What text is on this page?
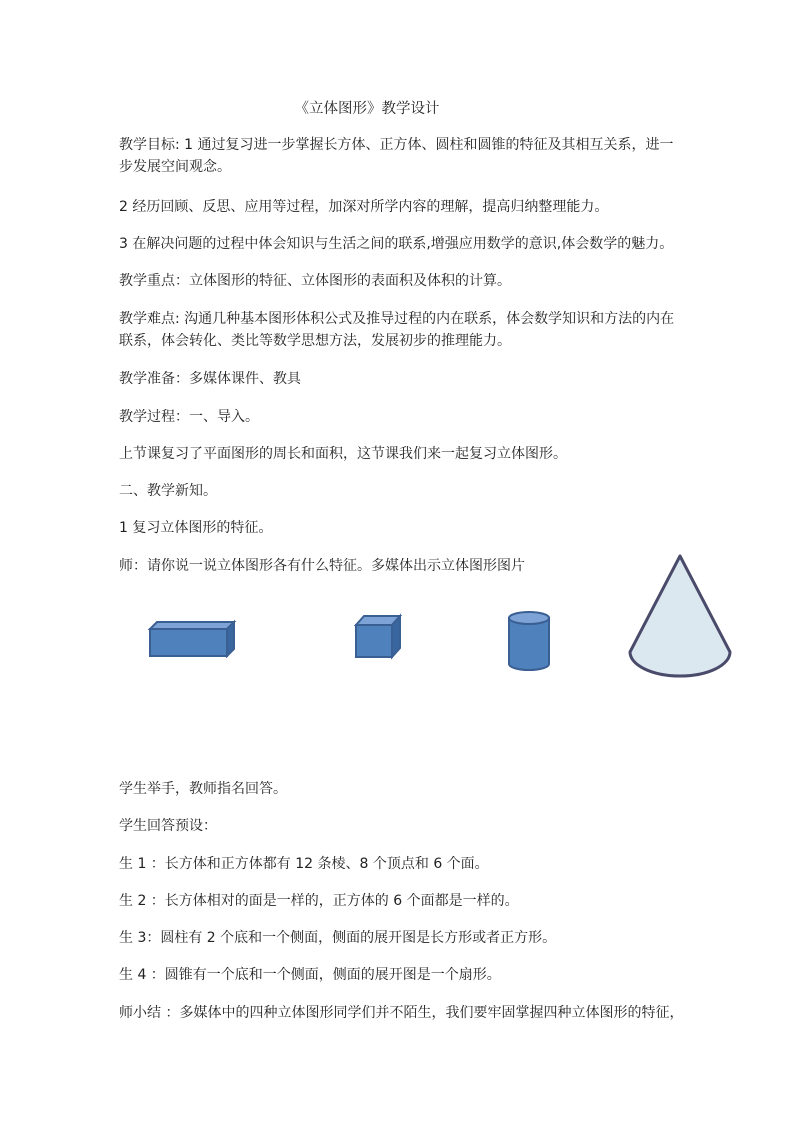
《立体图形》教学设计
教学目标: 1 通过复习进一步掌握长方体、正方体、圆柱和圆锥的特征及其相互关系，进一
步发展空间观念。
2 经历回顾、反思、应用等过程，加深对所学内容的理解，提高归纳整理能力。
3 在解决问题的过程中体会知识与生活之间的联系,增强应用数学的意识,体会数学的魅力。
教学重点：立体图形的特征、立体图形的表面积及体积的计算。
教学难点: 沟通几种基本图形体积公式及推导过程的内在联系，体会数学知识和方法的内在
联系，体会转化、类比等数学思想方法，发展初步的推理能力。
教学准备：多媒体课件、教具
教学过程：一、导入。
上节课复习了平面图形的周长和面积，这节课我们来一起复习立体图形。
二、教学新知。
1 复习立体图形的特征。
师：请你说一说立体图形各有什么特征。多媒体出示立体图形图片
学生举手，教师指名回答。
学生回答预设：
生 1 ：长方体和正方体都有 12 条棱、8 个顶点和 6 个面。
生 2 ：长方体相对的面是一样的，正方体的 6 个面都是一样的。
生 3：圆柱有 2 个底和一个侧面，侧面的展开图是长方形或者正方形。
生 4 ：圆锥有一个底和一个侧面，侧面的展开图是一个扇形。
师小结 ：多媒体中的四种立体图形同学们并不陌生，我们要牢固掌握四种立体图形的特征，
